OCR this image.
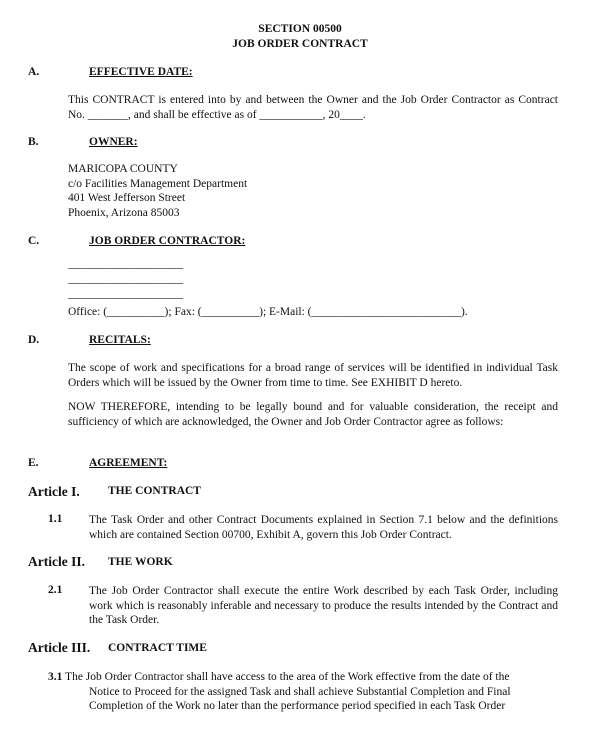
SECTION 00500
JOB ORDER CONTRACT
A.	EFFECTIVE DATE:
This CONTRACT is entered into by and between the Owner and the Job Order Contractor as Contract No. _______, and shall be effective as of ___________, 20____.
B.	OWNER:
MARICOPA COUNTY
c/o Facilities Management Department
401 West Jefferson Street
Phoenix, Arizona 85003
C.	JOB ORDER CONTRACTOR:
____________________
____________________
____________________
Office: (__________); Fax: (__________); E-Mail: (__________________________).
D.	RECITALS:
The scope of work and specifications for a broad range of services will be identified in individual Task Orders which will be issued by the Owner from time to time. See EXHIBIT D hereto.
NOW THEREFORE, intending to be legally bound and for valuable consideration, the receipt and sufficiency of which are acknowledged, the Owner and Job Order Contractor agree as follows:
E.	AGREEMENT:
Article I. THE CONTRACT
1.1 The Task Order and other Contract Documents explained in Section 7.1 below and the definitions which are contained Section 00700, Exhibit A, govern this Job Order Contract.
Article II. THE WORK
2.1 The Job Order Contractor shall execute the entire Work described by each Task Order, including work which is reasonably inferable and necessary to produce the results intended by the Contract and the Task Order.
Article III. CONTRACT TIME
3.1 The Job Order Contractor shall have access to the area of the Work effective from the date of the
Notice to Proceed for the assigned Task and shall achieve Substantial Completion and Final
Completion of the Work no later than the performance period specified in each Task Order
